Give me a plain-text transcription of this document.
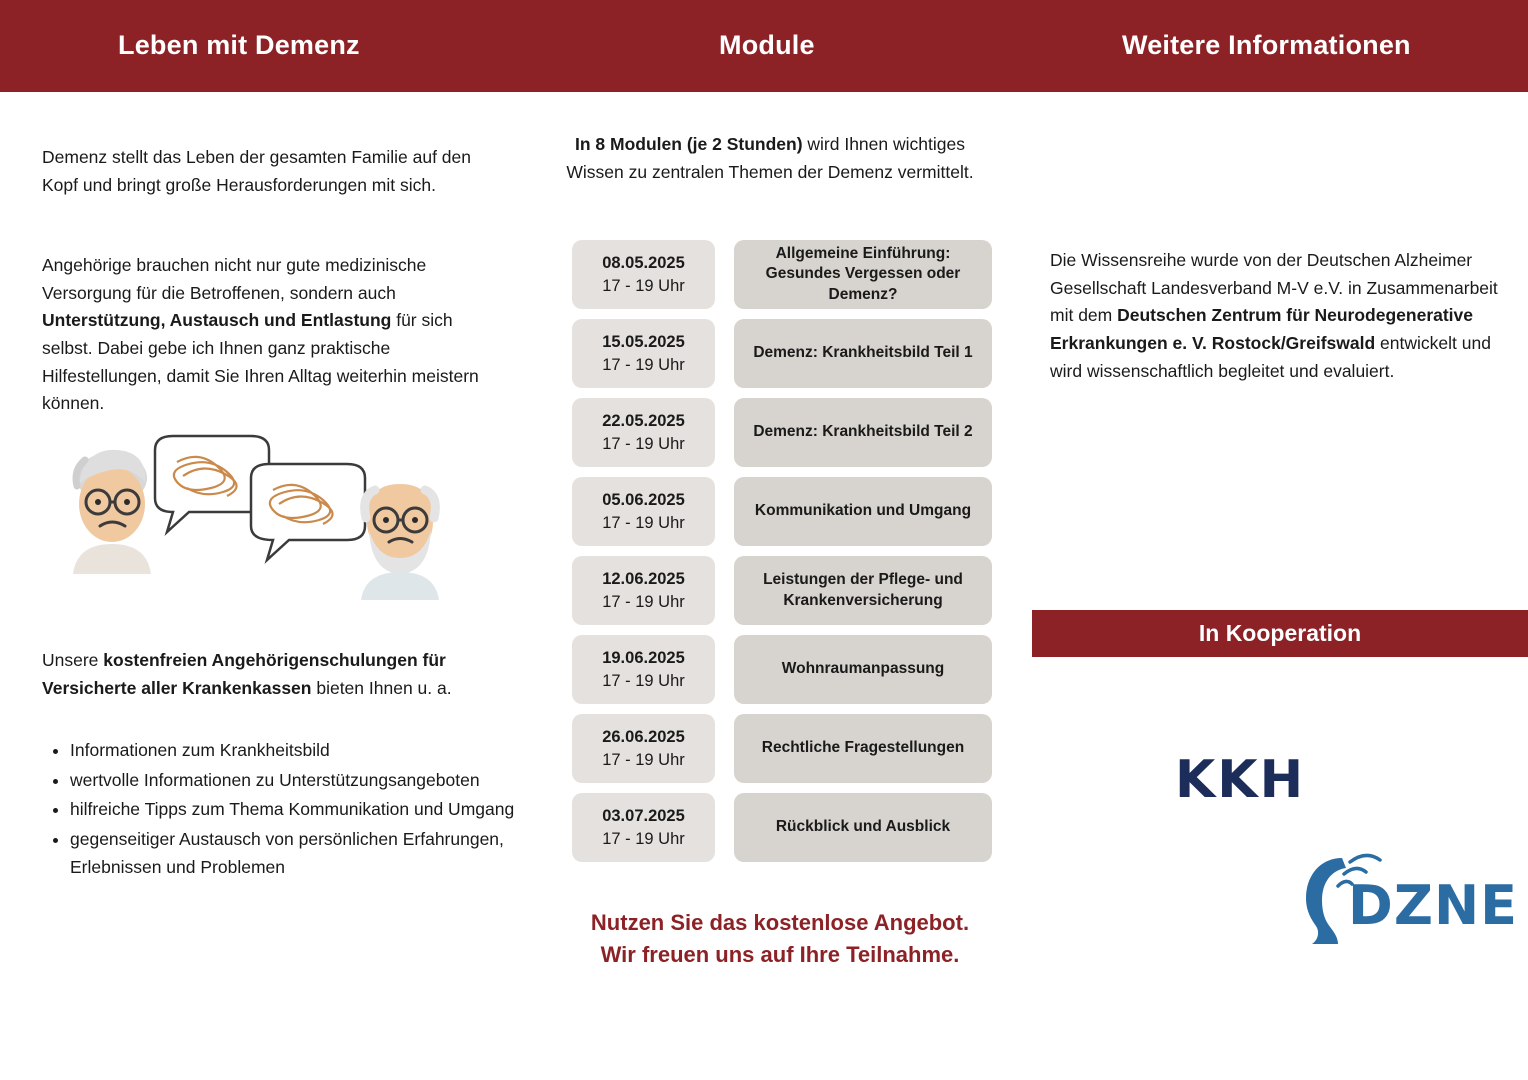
Leben mit Demenz	Module	Weitere Informationen
Demenz stellt das Leben der gesamten Familie auf den Kopf und bringt große Herausforderungen mit sich.
Angehörige brauchen nicht nur gute medizinische Versorgung für die Betroffenen, sondern auch Unterstützung, Austausch und Entlastung für sich selbst. Dabei gebe ich Ihnen ganz praktische Hilfestellungen, damit Sie Ihren Alltag weiterhin meistern können.
Unsere kostenfreien Angehörigenschulungen für Versicherte aller Krankenkassen bieten Ihnen u. a.
• Informationen zum Krankheitsbild
• wertvolle Informationen zu Unterstützungsangeboten
• hilfreiche Tipps zum Thema Kommunikation und Umgang
• gegenseitiger Austausch von persönlichen Erfahrungen, Erlebnissen und Problemen
In 8 Modulen (je 2 Stunden) wird Ihnen wichtiges Wissen zu zentralen Themen der Demenz vermittelt.
08.05.2025
17 - 19 Uhr
Allgemeine Einführung: Gesundes Vergessen oder Demenz?
15.05.2025
17 - 19 Uhr
Demenz: Krankheitsbild Teil 1
22.05.2025
17 - 19 Uhr
Demenz: Krankheitsbild Teil 2
05.06.2025
17 - 19 Uhr
Kommunikation und Umgang
12.06.2025
17 - 19 Uhr
Leistungen der Pflege- und Krankenversicherung
19.06.2025
17 - 19 Uhr
Wohnraumanpassung
26.06.2025
17 - 19 Uhr
Rechtliche Fragestellungen
03.07.2025
17 - 19 Uhr
Rückblick und Ausblick
Nutzen Sie das kostenlose Angebot. Wir freuen uns auf Ihre Teilnahme.
Die Wissensreihe wurde von der Deutschen Alzheimer Gesellschaft Landesverband M-V e.V. in Zusammenarbeit mit dem Deutschen Zentrum für Neurodegenerative Erkrankungen e. V. Rostock/Greifswald entwickelt und wird wissenschaftlich begleitet und evaluiert.
In Kooperation
KKH
DZNE
